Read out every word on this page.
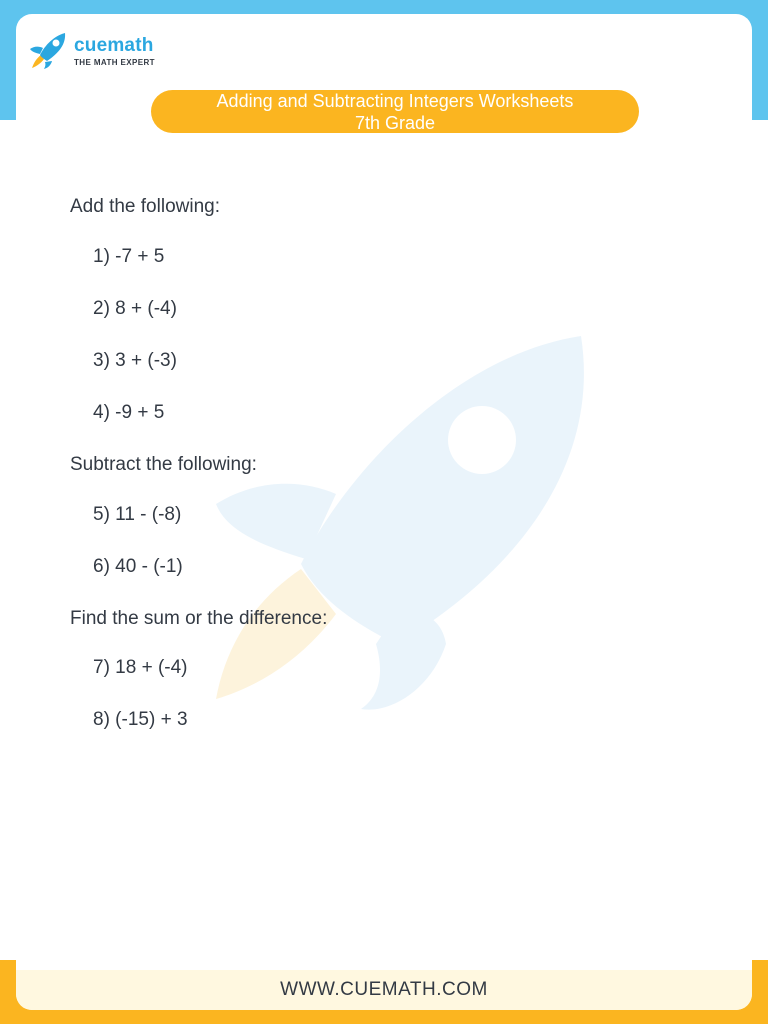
cuemath
THE MATH EXPERT
Adding and Subtracting Integers Worksheets
7th Grade
Add the following:
1) -7 + 5
2) 8 + (-4)
3) 3 + (-3)
4) -9 + 5
Subtract the following:
5) 11 - (-8)
6) 40 - (-1)
Find the sum or the difference:
7) 18 + (-4)
8) (-15) + 3
WWW.CUEMATH.COM
